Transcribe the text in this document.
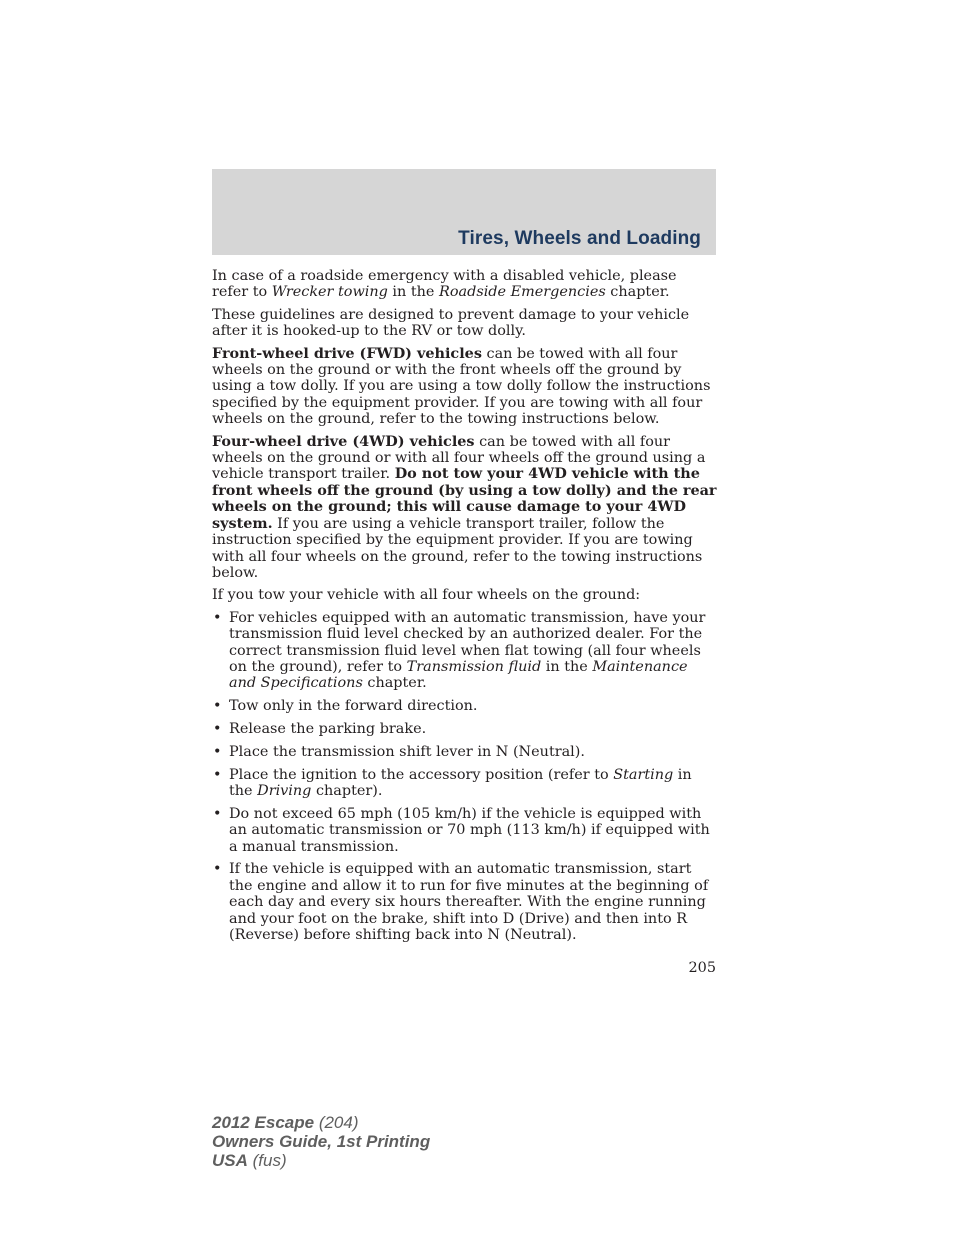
Tires, Wheels and Loading

In case of a roadside emergency with a disabled vehicle, please refer to Wrecker towing in the Roadside Emergencies chapter.

These guidelines are designed to prevent damage to your vehicle after it is hooked-up to the RV or tow dolly.

Front-wheel drive (FWD) vehicles can be towed with all four wheels on the ground or with the front wheels off the ground by using a tow dolly. If you are using a tow dolly follow the instructions specified by the equipment provider. If you are towing with all four wheels on the ground, refer to the towing instructions below.

Four-wheel drive (4WD) vehicles can be towed with all four wheels on the ground or with all four wheels off the ground using a vehicle transport trailer. Do not tow your 4WD vehicle with the front wheels off the ground (by using a tow dolly) and the rear wheels on the ground; this will cause damage to your 4WD system. If you are using a vehicle transport trailer, follow the instruction specified by the equipment provider. If you are towing with all four wheels on the ground, refer to the towing instructions below.

If you tow your vehicle with all four wheels on the ground:

• For vehicles equipped with an automatic transmission, have your transmission fluid level checked by an authorized dealer. For the correct transmission fluid level when flat towing (all four wheels on the ground), refer to Transmission fluid in the Maintenance and Specifications chapter.
• Tow only in the forward direction.
• Release the parking brake.
• Place the transmission shift lever in N (Neutral).
• Place the ignition to the accessory position (refer to Starting in the Driving chapter).
• Do not exceed 65 mph (105 km/h) if the vehicle is equipped with an automatic transmission or 70 mph (113 km/h) if equipped with a manual transmission.
• If the vehicle is equipped with an automatic transmission, start the engine and allow it to run for five minutes at the beginning of each day and every six hours thereafter. With the engine running and your foot on the brake, shift into D (Drive) and then into R (Reverse) before shifting back into N (Neutral).
205
2012 Escape (204)
Owners Guide, 1st Printing
USA (fus)
